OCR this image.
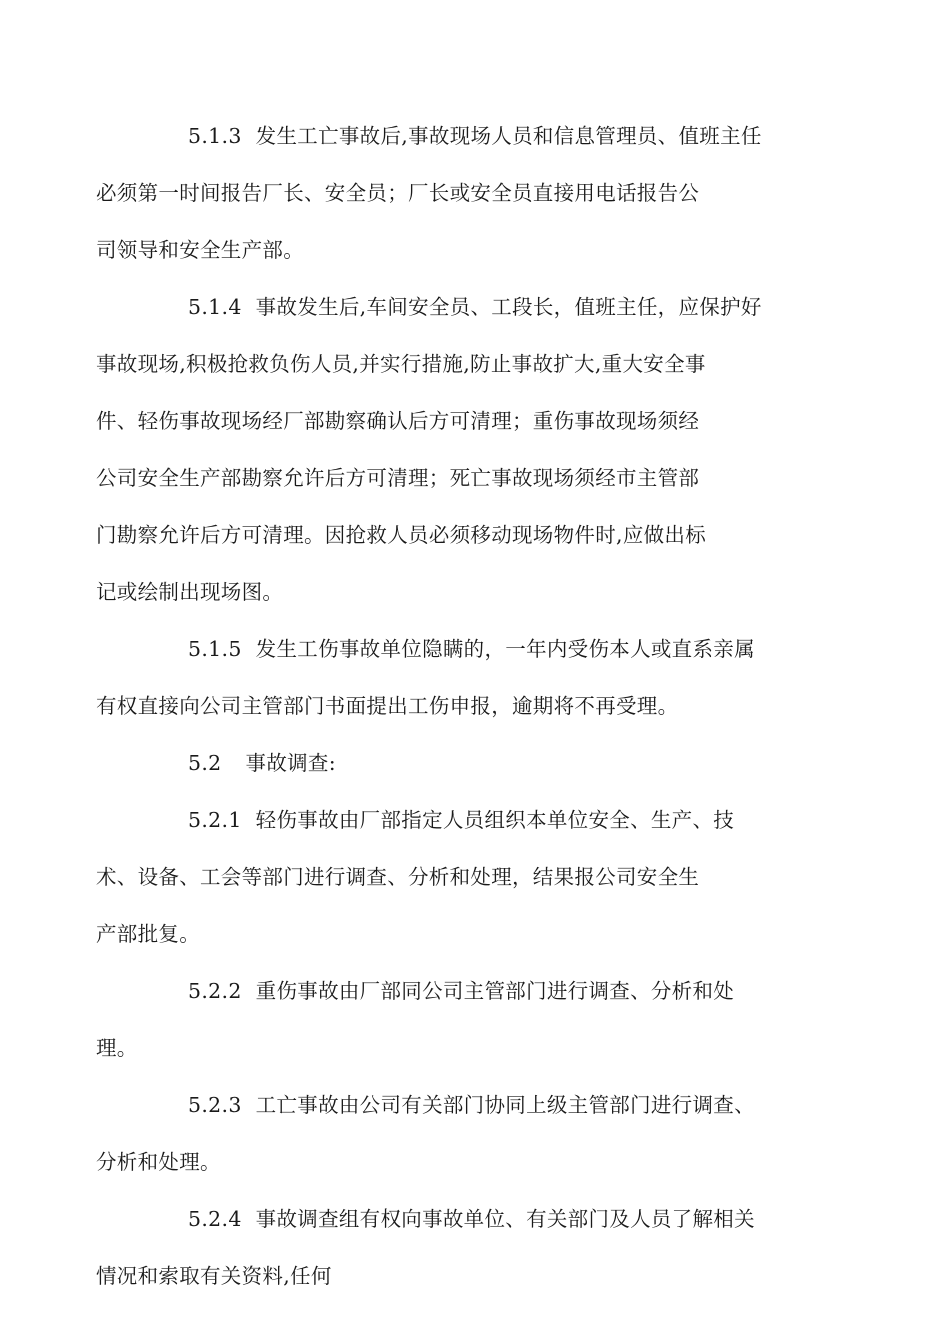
5.1.3 发生工亡事故后,事故现场人员和信息管理员、值班主任
必须第一时间报告厂长、安全员；厂长或安全员直接用电话报告公
司领导和安全生产部。

5.1.4 事故发生后,车间安全员、工段长，值班主任，应保护好
事故现场,积极抢救负伤人员,并实行措施,防止事故扩大,重大安全事
件、轻伤事故现场经厂部勘察确认后方可清理；重伤事故现场须经
公司安全生产部勘察允许后方可清理；死亡事故现场须经市主管部
门勘察允许后方可清理。因抢救人员必须移动现场物件时,应做出标
记或绘制出现场图。

5.1.5 发生工伤事故单位隐瞒的，一年内受伤本人或直系亲属
有权直接向公司主管部门书面提出工伤申报，逾期将不再受理。

5.2 事故调查:

5.2.1 轻伤事故由厂部指定人员组织本单位安全、生产、技
术、设备、工会等部门进行调查、分析和处理，结果报公司安全生
产部批复。

5.2.2 重伤事故由厂部同公司主管部门进行调查、分析和处
理。

5.2.3 工亡事故由公司有关部门协同上级主管部门进行调查、
分析和处理。

5.2.4 事故调查组有权向事故单位、有关部门及人员了解相关
情况和索取有关资料,任何
